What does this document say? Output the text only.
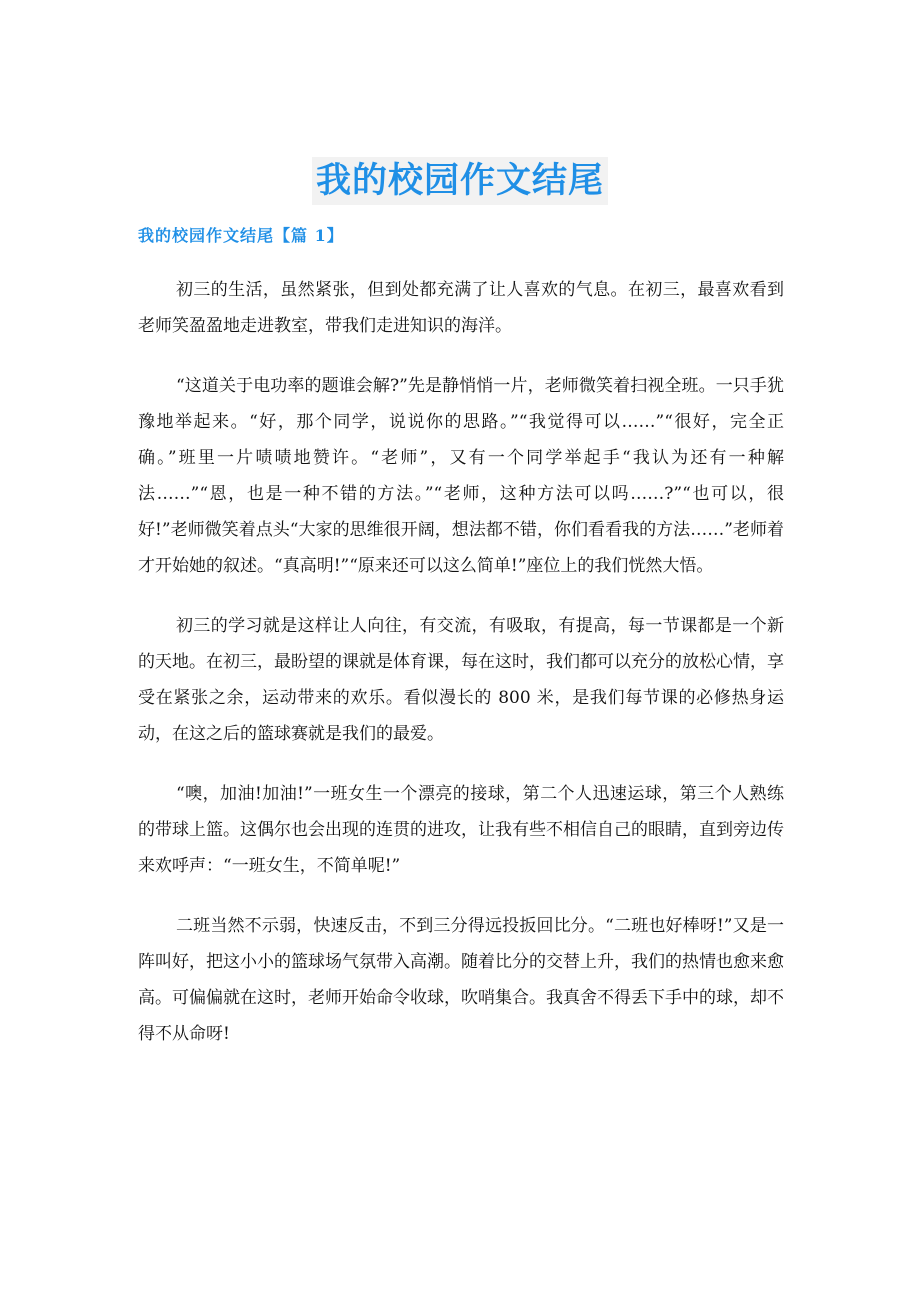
我的校园作文结尾
我的校园作文结尾【篇 1】

初三的生活，虽然紧张，但到处都充满了让人喜欢的气息。在初三，最喜欢看到老师笑盈盈地走进教室，带我们走进知识的海洋。

“这道关于电功率的题谁会解?”先是静悄悄一片，老师微笑着扫视全班。一只手犹豫地举起来。“好，那个同学，说说你的思路。”“我觉得可以……”“很好，完全正确。”班里一片啧啧地赞许。“老师”，又有一个同学举起手“我认为还有一种解法……”“恩，也是一种不错的方法。”“老师，这种方法可以吗……?”“也可以，很好!”老师微笑着点头“大家的思维很开阔，想法都不错，你们看看我的方法……”老师着才开始她的叙述。“真高明!”“原来还可以这么简单!”座位上的我们恍然大悟。

初三的学习就是这样让人向往，有交流，有吸取，有提高，每一节课都是一个新的天地。在初三，最盼望的课就是体育课，每在这时，我们都可以充分的放松心情，享受在紧张之余，运动带来的欢乐。看似漫长的 800 米，是我们每节课的必修热身运动，在这之后的篮球赛就是我们的最爱。

“噢，加油!加油!”一班女生一个漂亮的接球，第二个人迅速运球，第三个人熟练的带球上篮。这偶尔也会出现的连贯的进攻，让我有些不相信自己的眼睛，直到旁边传来欢呼声：“一班女生，不简单呢!”

二班当然不示弱，快速反击，不到三分得远投扳回比分。“二班也好棒呀!”又是一阵叫好，把这小小的篮球场气氛带入高潮。随着比分的交替上升，我们的热情也愈来愈高。可偏偏就在这时，老师开始命令收球，吹哨集合。我真舍不得丢下手中的球，却不得不从命呀!
